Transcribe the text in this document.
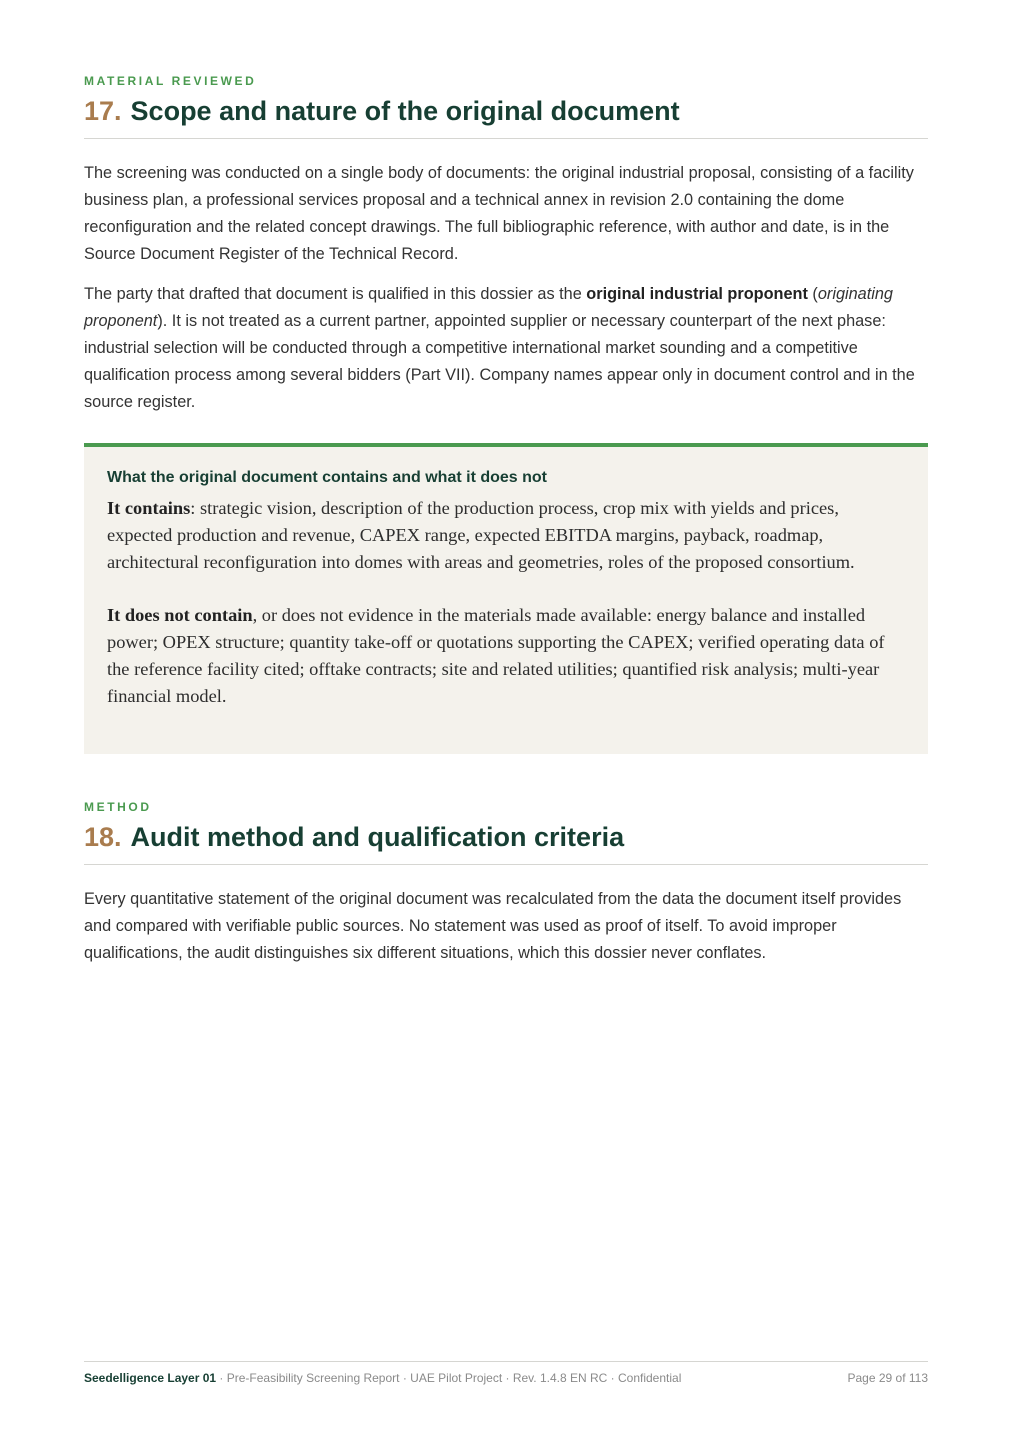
MATERIAL REVIEWED

17. Scope and nature of the original document

The screening was conducted on a single body of documents: the original industrial proposal, consisting of a facility business plan, a professional services proposal and a technical annex in revision 2.0 containing the dome reconfiguration and the related concept drawings. The full bibliographic reference, with author and date, is in the Source Document Register of the Technical Record.

The party that drafted that document is qualified in this dossier as the original industrial proponent (originating proponent). It is not treated as a current partner, appointed supplier or necessary counterpart of the next phase: industrial selection will be conducted through a competitive international market sounding and a competitive qualification process among several bidders (Part VII). Company names appear only in document control and in the source register.

What the original document contains and what it does not

It contains: strategic vision, description of the production process, crop mix with yields and prices, expected production and revenue, CAPEX range, expected EBITDA margins, payback, roadmap, architectural reconfiguration into domes with areas and geometries, roles of the proposed consortium.

It does not contain, or does not evidence in the materials made available: energy balance and installed power; OPEX structure; quantity take-off or quotations supporting the CAPEX; verified operating data of the reference facility cited; offtake contracts; site and related utilities; quantified risk analysis; multi-year financial model.

METHOD

18. Audit method and qualification criteria

Every quantitative statement of the original document was recalculated from the data the document itself provides and compared with verifiable public sources. No statement was used as proof of itself. To avoid improper qualifications, the audit distinguishes six different situations, which this dossier never conflates.

Seedelligence Layer 01 · Pre-Feasibility Screening Report · UAE Pilot Project · Rev. 1.4.8 EN RC · Confidential	Page 29 of 113
